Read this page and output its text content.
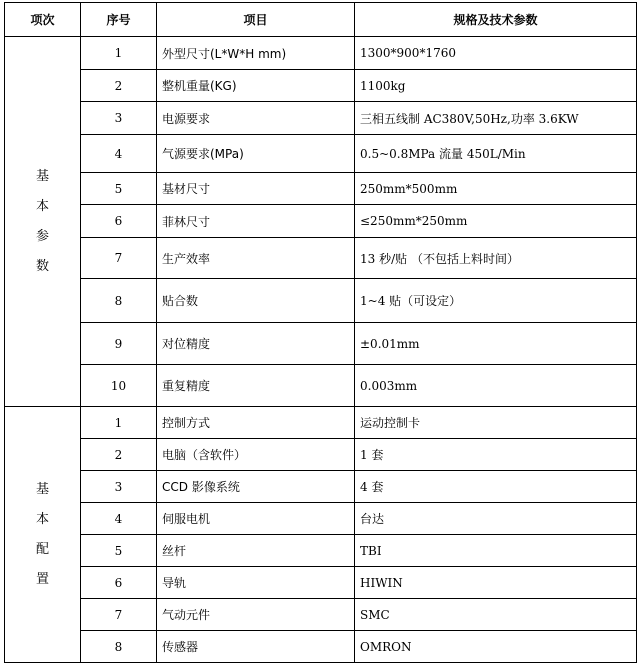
项次	序号	项目	规格及技术参数

基
本
参
数	1	外型尺寸(L*W*H mm)	1300*900*1760
	2	整机重量(KG)	1100kg
	3	电源要求	三相五线制 AC380V,50Hz,功率 3.6KW
	4	气源要求(MPa)	0.5~0.8MPa 流量 450L/Min
	5	基材尺寸	250mm*500mm
	6	菲林尺寸	≤250mm*250mm
	7	生产效率	13 秒/贴 （不包括上料时间）
	8	贴合数	1~4 贴（可设定）
	9	对位精度	±0.01mm
	10	重复精度	0.003mm

基
本
配
置	1	控制方式	运动控制卡
	2	电脑（含软件）	1 套
	3	CCD 影像系统	4 套
	4	伺服电机	台达
	5	丝杆	TBI
	6	导轨	HIWIN
	7	气动元件	SMC
	8	传感器	OMRON
